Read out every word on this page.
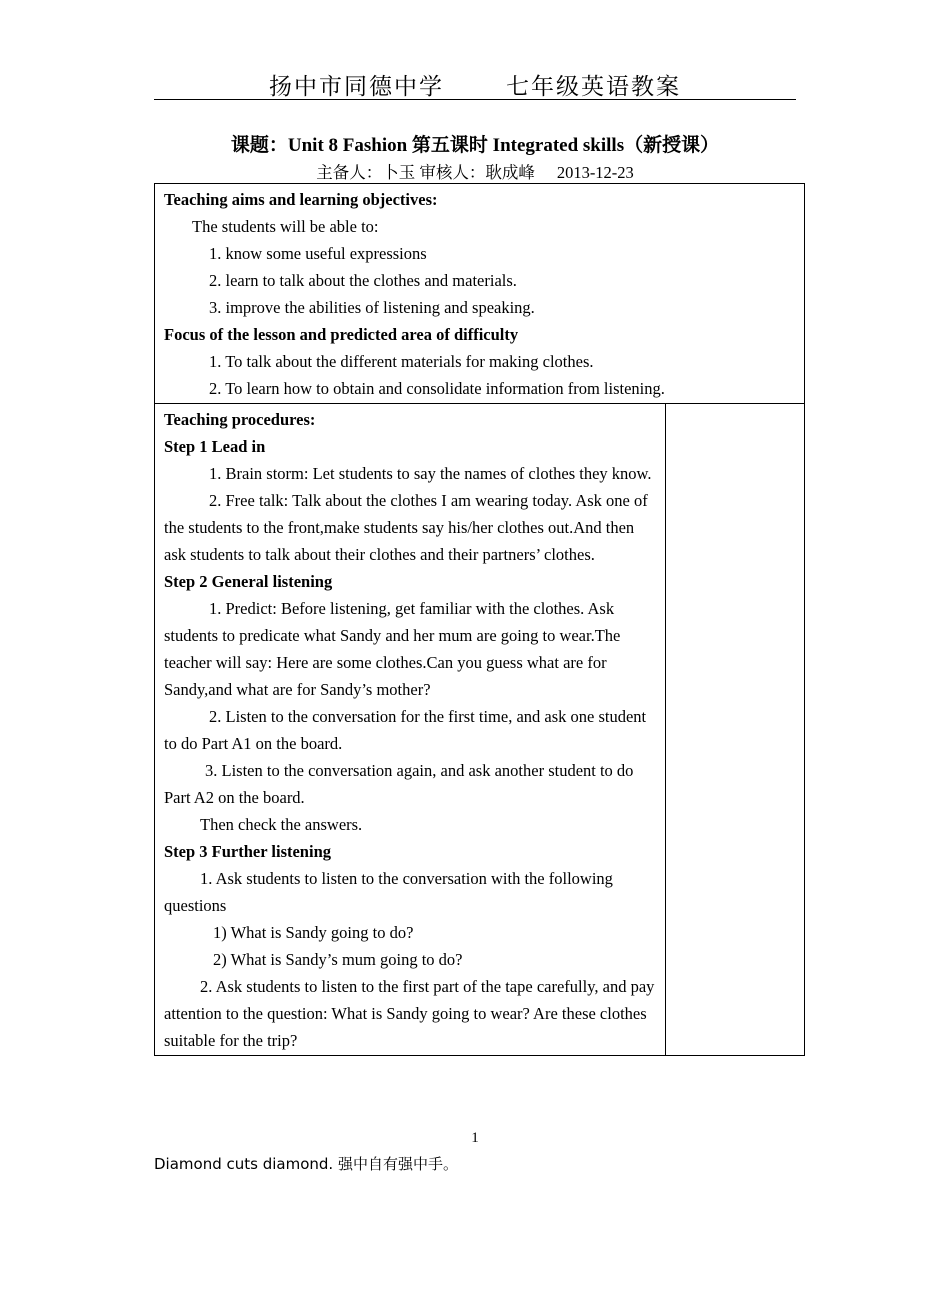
扬中市同德中学	七年级英语教案
课题：Unit 8 Fashion 第五课时 Integrated skills（新授课）
主备人：卜玉 审核人：耿成峰 2013-12-23
Teaching aims and learning objectives:
The students will be able to:
1. know some useful expressions
2. learn to talk about the clothes and materials.
3. improve the abilities of listening and speaking.
Focus of the lesson and predicted area of difficulty
1. To talk about the different materials for making clothes.
2. To learn how to obtain and consolidate information from listening.

Teaching procedures:
Step 1 Lead in
1. Brain storm: Let students to say the names of clothes they know.
2. Free talk: Talk about the clothes I am wearing today. Ask one of the students to the front,make students say his/her clothes out.And then ask students to talk about their clothes and their partners’ clothes.
Step 2 General listening
1. Predict: Before listening, get familiar with the clothes. Ask students to predicate what Sandy and her mum are going to wear.The teacher will say: Here are some clothes.Can you guess what are for Sandy,and what are for Sandy’s mother?
2. Listen to the conversation for the first time, and ask one student to do Part A1 on the board.
3. Listen to the conversation again, and ask another student to do Part A2 on the board.
Then check the answers.
Step 3 Further listening
1. Ask students to listen to the conversation with the following questions
1) What is Sandy going to do?
2) What is Sandy’s mum going to do?
2. Ask students to listen to the first part of the tape carefully, and pay attention to the question: What is Sandy going to wear? Are these clothes suitable for the trip?

1
Diamond cuts diamond. 强中自有强中手。
